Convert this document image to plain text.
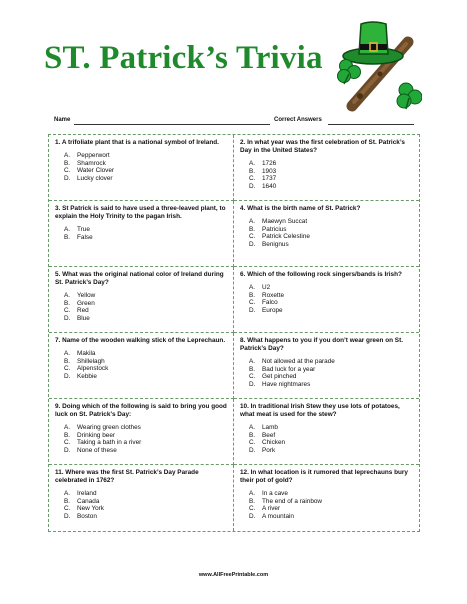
ST. Patrick’s Trivia
Name	Correct Answers

1. A trifoliate plant that is a national symbol of Ireland.

A.	Pepperwort
B.	Shamrock
C.	Water Clover
D.	Lucky clover

2. In what year was the first celebration of St. Patrick’s Day in the United States?

A.	1726
B.	1903
C.	1737
D.	1640

3. St Patrick is said to have used a three-leaved plant, to explain the Holy Trinity to the pagan Irish.

A.	True
B.	False

4. What is the birth name of St. Patrick?

A.	Maewyn Succat
B.	Patricius
C.	Patrick Celestine
D.	Benignus

5. What was the original national color of Ireland during St. Patrick’s Day?

A.	Yellow
B.	Green
C.	Red
D.	Blue

6. Which of the following rock singers/bands is Irish?

A.	U2
B.	Roxette
C.	Falco
D.	Europe

7. Name of the wooden walking stick of the Leprechaun.

A.	Makila
B.	Shillelagh
C.	Alpenstock
D.	Kebbie

8. What happens to you if you don’t wear green on St. Patrick’s Day?

A.	Not allowed at the parade
B.	Bad luck for a year
C.	Get pinched
D.	Have nightmares

9. Doing which of the following is said to bring you good luck on St. Patrick’s Day:

A.	Wearing green clothes
B.	Drinking beer
C.	Taking a bath in a river
D.	None of these

10. In traditional Irish Stew they use lots of potatoes, what meat is used for the stew?

A.	Lamb
B.	Beef
C.	Chicken
D.	Pork

11. Where was the first St. Patrick’s Day Parade celebrated in 1762?

A.	Ireland
B.	Canada
C.	New York
D.	Boston

12. In what location is it rumored that leprechauns bury their pot of gold?

A.	In a cave
B.	The end of a rainbow
C.	A river
D.	A mountain
www.AllFreePrintable.com
